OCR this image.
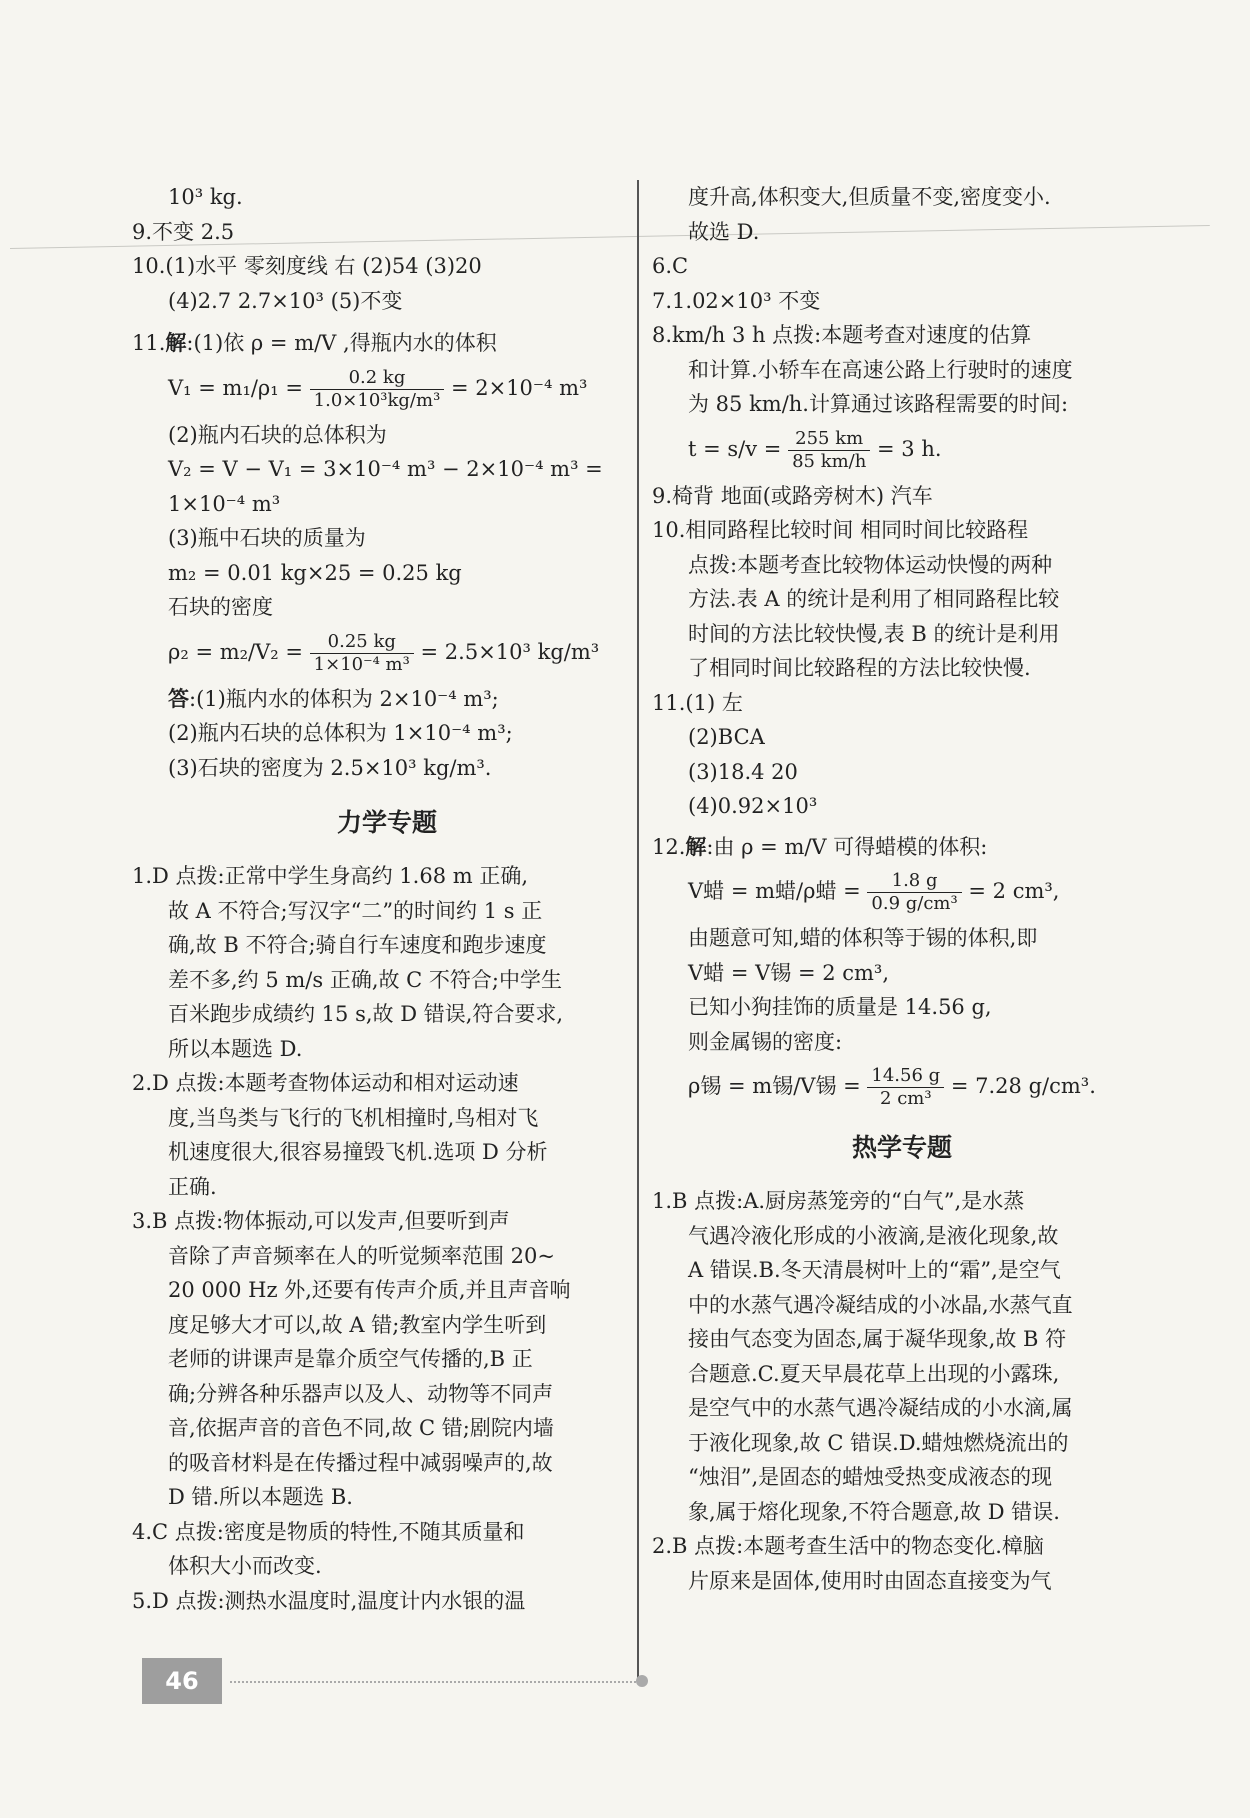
10³ kg.
9.不变 2.5
10.(1)水平 零刻度线 右 (2)54 (3)20
(4)2.7 2.7×10³ (5)不变
11.解:(1)依 ρ = m/V ,得瓶内水的体积
$V_1 = m_1/\rho_1 = \frac{0.2 kg}{\text{1.0×10³kg/m³}} = 2\times 10^{-4}$ m³
(2)瓶内石块的总体积为
V₂ = V − V₁ = 3×10⁻⁴ m³ − 2×10⁻⁴ m³ =
1×10⁻⁴ m³
(3)瓶中石块的质量为
m₂ = 0.01 kg×25 = 0.25 kg
石块的密度
$\rho_2 = m_2/V_2 = \frac{0.25 kg}{\text{1×10⁻⁴ m³}} = 2.5\times 10^3$ kg/m³
答:(1)瓶内水的体积为 2×10⁻⁴ m³;
(2)瓶内石块的总体积为 1×10⁻⁴ m³;
(3)石块的密度为 2.5×10³ kg/m³.
力学专题
1.D 点拨:正常中学生身高约 1.68 m 正确,
故 A 不符合;写汉字“二”的时间约 1 s 正
确,故 B 不符合;骑自行车速度和跑步速度
差不多,约 5 m/s 正确,故 C 不符合;中学生
百米跑步成绩约 15 s,故 D 错误,符合要求,
所以本题选 D.
2.D 点拨:本题考查物体运动和相对运动速
度,当鸟类与飞行的飞机相撞时,鸟相对飞
机速度很大,很容易撞毁飞机.选项 D 分析
正确.
3.B 点拨:物体振动,可以发声,但要听到声
音除了声音频率在人的听觉频率范围 20~
20 000 Hz 外,还要有传声介质,并且声音响
度足够大才可以,故 A 错;教室内学生听到
老师的讲课声是靠介质空气传播的,B 正
确;分辨各种乐器声以及人、动物等不同声
音,依据声音的音色不同,故 C 错;剧院内墙
的吸音材料是在传播过程中减弱噪声的,故
D 错.所以本题选 B.
4.C 点拨:密度是物质的特性,不随其质量和
体积大小而改变.
5.D 点拨:测热水温度时,温度计内水银的温
度升高,体积变大,但质量不变,密度变小.
故选 D.
6.C
7.1.02×10³ 不变
8.km/h 3 h 点拨:本题考查对速度的估算
和计算.小轿车在高速公路上行驶时的速度
为 85 km/h.计算通过该路程需要的时间:
$t = s/v = \frac{255 km}{85 km/h} = 3$ h.
9.椅背 地面(或路旁树木) 汽车
10.相同路程比较时间 相同时间比较路程
点拨:本题考查比较物体运动快慢的两种
方法.表 A 的统计是利用了相同路程比较
时间的方法比较快慢,表 B 的统计是利用
了相同时间比较路程的方法比较快慢.
11.(1) 左
(2)BCA
(3)18.4 20
(4)0.92×10³
12.解:由 ρ = m/V 可得蜡模的体积:
V蜡 = m蜡/ρ蜡 = $\frac{1.8 g}{\text{0.9 g/cm³}} = 2$ cm³,
由题意可知,蜡的体积等于锡的体积,即
V蜡 = V锡 = 2 cm³,
已知小狗挂饰的质量是 14.56 g,
则金属锡的密度:
ρ锡 = m锡/V锡 = $\frac{14.56 g}{\text{2 cm³}} = 7.28$ g/cm³.
热学专题
1.B 点拨:A.厨房蒸笼旁的“白气”,是水蒸
气遇冷液化形成的小液滴,是液化现象,故
A 错误.B.冬天清晨树叶上的“霜”,是空气
中的水蒸气遇冷凝结成的小冰晶,水蒸气直
接由气态变为固态,属于凝华现象,故 B 符
合题意.C.夏天早晨花草上出现的小露珠,
是空气中的水蒸气遇冷凝结成的小水滴,属
于液化现象,故 C 错误.D.蜡烛燃烧流出的
“烛泪”,是固态的蜡烛受热变成液态的现
象,属于熔化现象,不符合题意,故 D 错误.
2.B 点拨:本题考查生活中的物态变化.樟脑
片原来是固体,使用时由固态直接变为气
46
